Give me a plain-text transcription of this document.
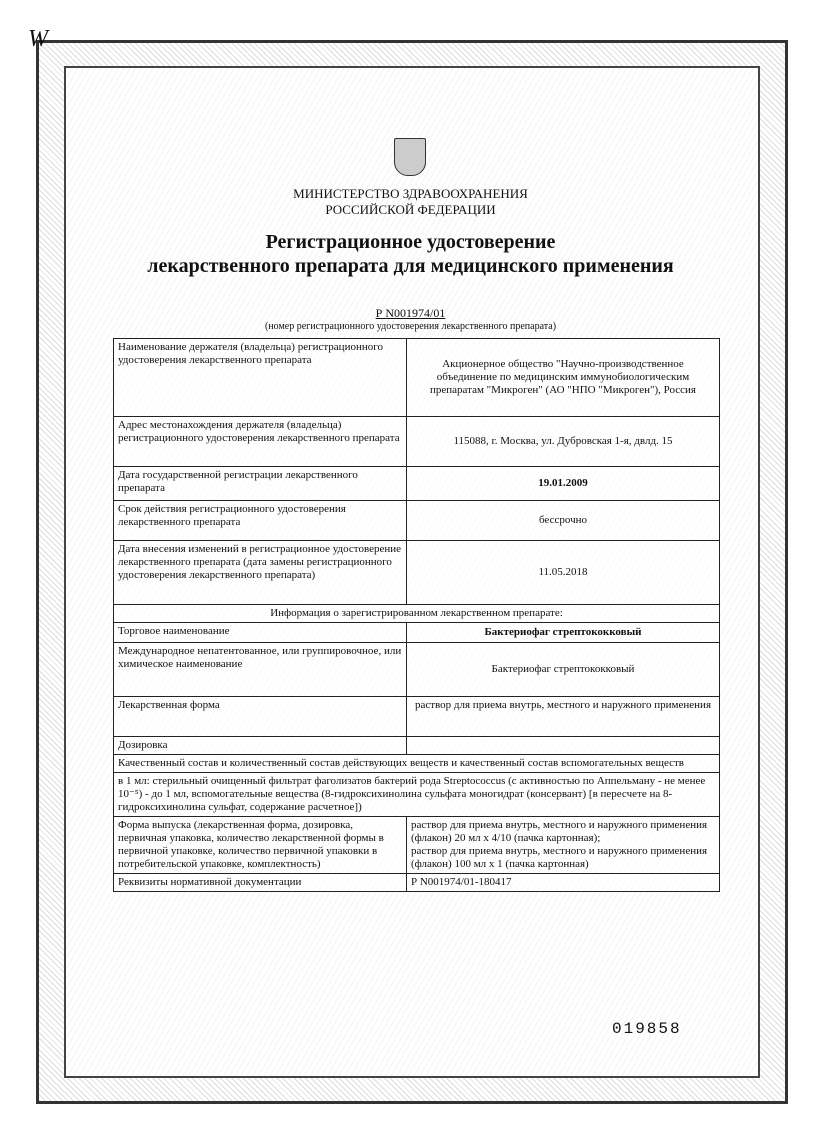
W
МИНИСТЕРСТВО ЗДРАВООХРАНЕНИЯ
РОССИЙСКОЙ ФЕДЕРАЦИИ
Регистрационное удостоверение
лекарственного препарата для медицинского применения
Р N001974/01
(номер регистрационного удостоверения лекарственного препарата)
Наименование держателя (владельца) регистрационного удостоверения лекарственного препарата	Акционерное общество "Научно-производственное объединение по медицинским иммунобиологическим препаратам "Микроген" (АО "НПО "Микроген"), Россия
Адрес местонахождения держателя (владельца) регистрационного удостоверения лекарственного препарата	115088, г. Москва, ул. Дубровская 1-я, двлд. 15
Дата государственной регистрации лекарственного препарата	19.01.2009
Срок действия регистрационного удостоверения лекарственного препарата	бессрочно
Дата внесения изменений в регистрационное удостоверение лекарственного препарата (дата замены регистрационного удостоверения лекарственного препарата)	11.05.2018
Информация о зарегистрированном лекарственном препарате:	
Торговое наименование	Бактериофаг стрептококковый
Международное непатентованное, или группировочное, или химическое наименование	Бактериофаг стрептококковый
Лекарственная форма	раствор для приема внутрь, местного и наружного применения
Дозировка	
Качественный состав и количественный состав действующих веществ и качественный состав вспомогательных веществ	
в 1 мл: стерильный очищенный фильтрат фаголизатов бактерий рода Streptococcus (с активностью по Аппельману - не менее 10⁻⁵) - до 1 мл, вспомогательные вещества (8-гидроксихинолина сульфата моногидрат (консервант) [в пересчете на 8-гидроксихинолина сульфат, содержание расчетное])	
Форма выпуска (лекарственная форма, дозировка, первичная упаковка, количество лекарственной формы в первичной упаковке, количество первичной упаковки в потребительской упаковке, комплектность)	раствор для приема внутрь, местного и наружного применения (флакон) 20 мл x 4/10 (пачка картонная);
раствор для приема внутрь, местного и наружного применения (флакон) 100 мл x 1 (пачка картонная)

Реквизиты нормативной документации	Р N001974/01-180417
019858
